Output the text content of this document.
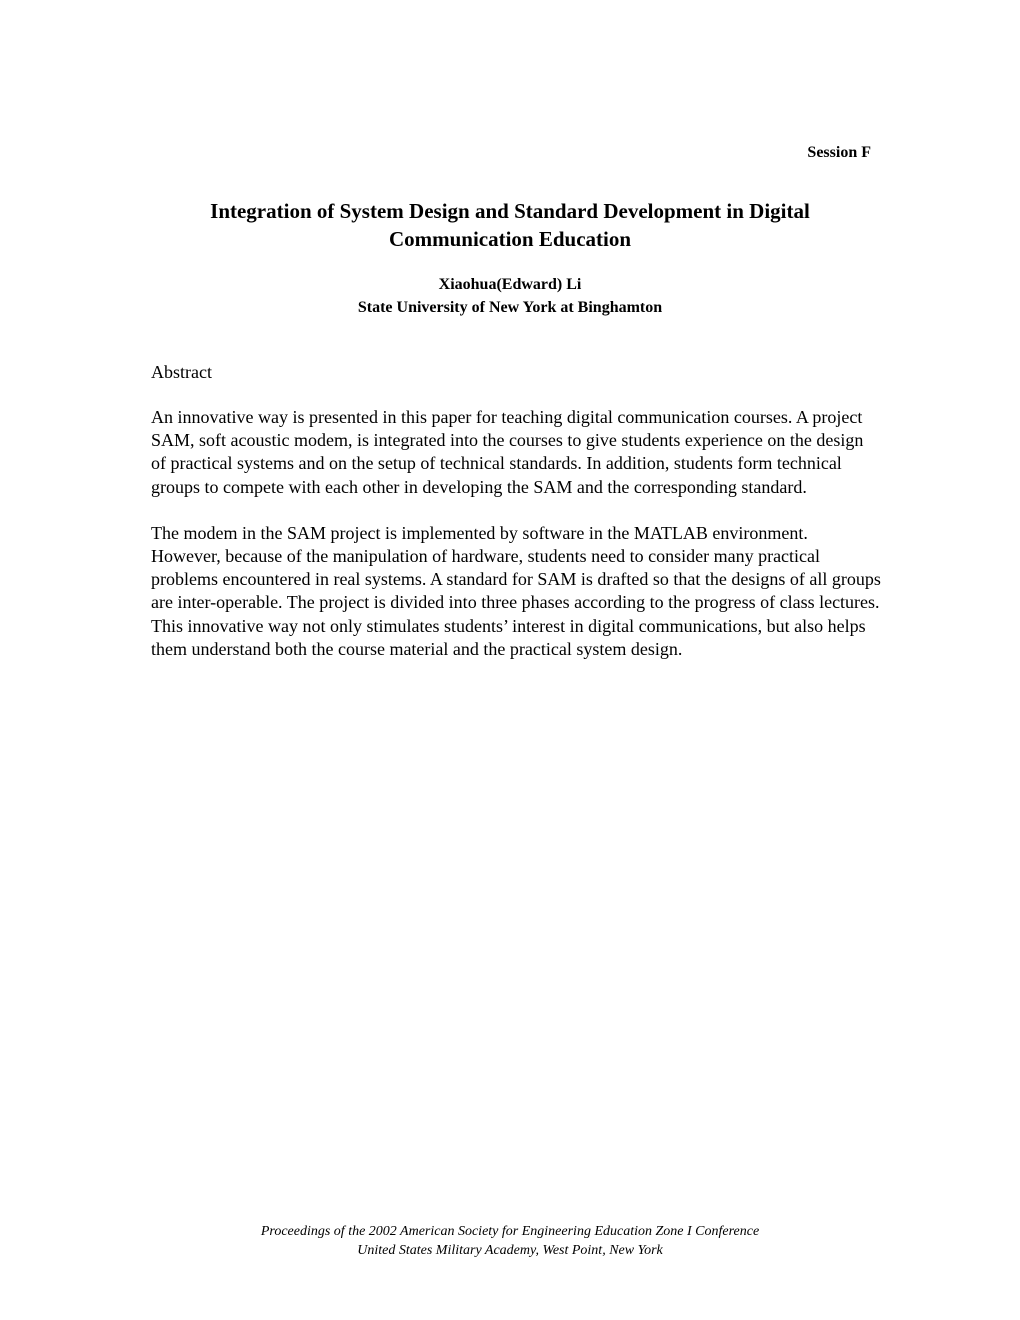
Session F
Integration of System Design and Standard Development in Digital Communication Education
Xiaohua(Edward) Li
State University of New York at Binghamton
Abstract

An innovative way is presented in this paper for teaching digital communication courses. A project SAM, soft acoustic modem, is integrated into the courses to give students experience on the design of practical systems and on the setup of technical standards. In addition, students form technical groups to compete with each other in developing the SAM and the corresponding standard.

The modem in the SAM project is implemented by software in the MATLAB environment. However, because of the manipulation of hardware, students need to consider many practical problems encountered in real systems. A standard for SAM is drafted so that the designs of all groups are inter-operable. The project is divided into three phases according to the progress of class lectures. This innovative way not only stimulates students’ interest in digital communications, but also helps them understand both the course material and the practical system design.

Proceedings of the 2002 American Society for Engineering Education Zone I Conference
United States Military Academy, West Point, New York
